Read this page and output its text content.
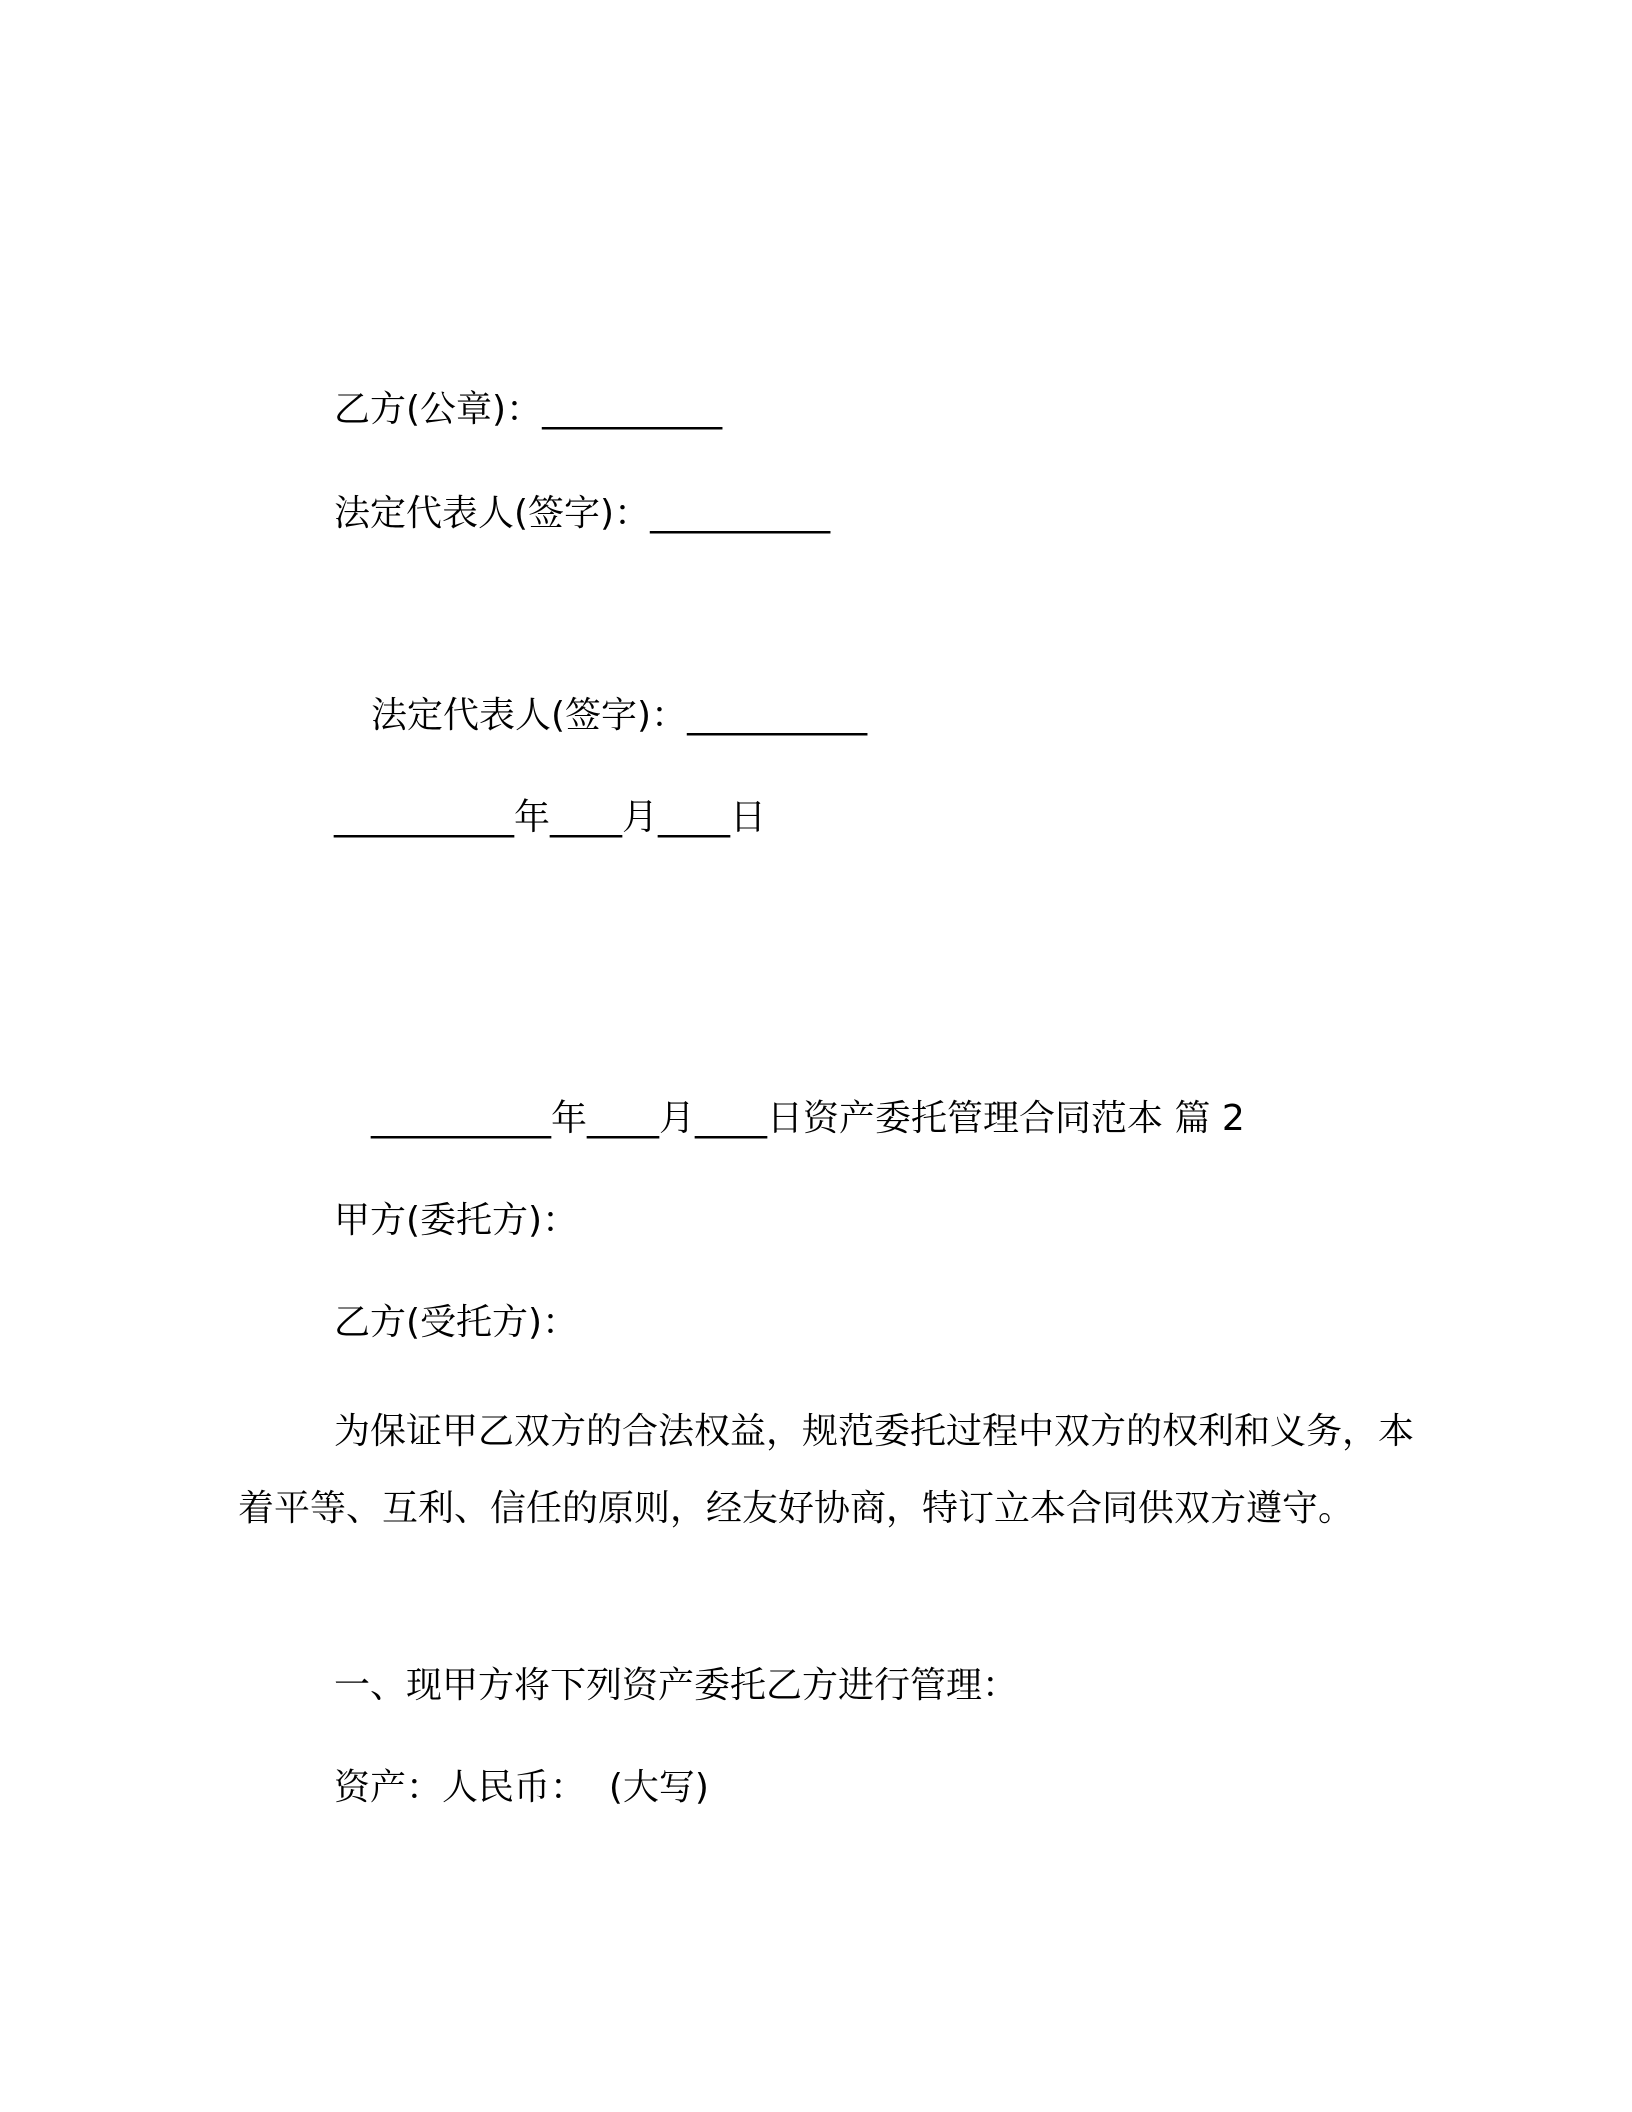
乙方(公章)：__________
法定代表人(签字)：__________
法定代表人(签字)：__________
__________年____月____日
__________年____月____日资产委托管理合同范本 篇 2
甲方(委托方)：
乙方(受托方)：
为保证甲乙双方的合法权益，规范委托过程中双方的权利和义务，本着平等、互利、信任的原则，经友好协商，特订立本合同供双方遵守。
一、现甲方将下列资产委托乙方进行管理：
资产：人民币：  (大写)
